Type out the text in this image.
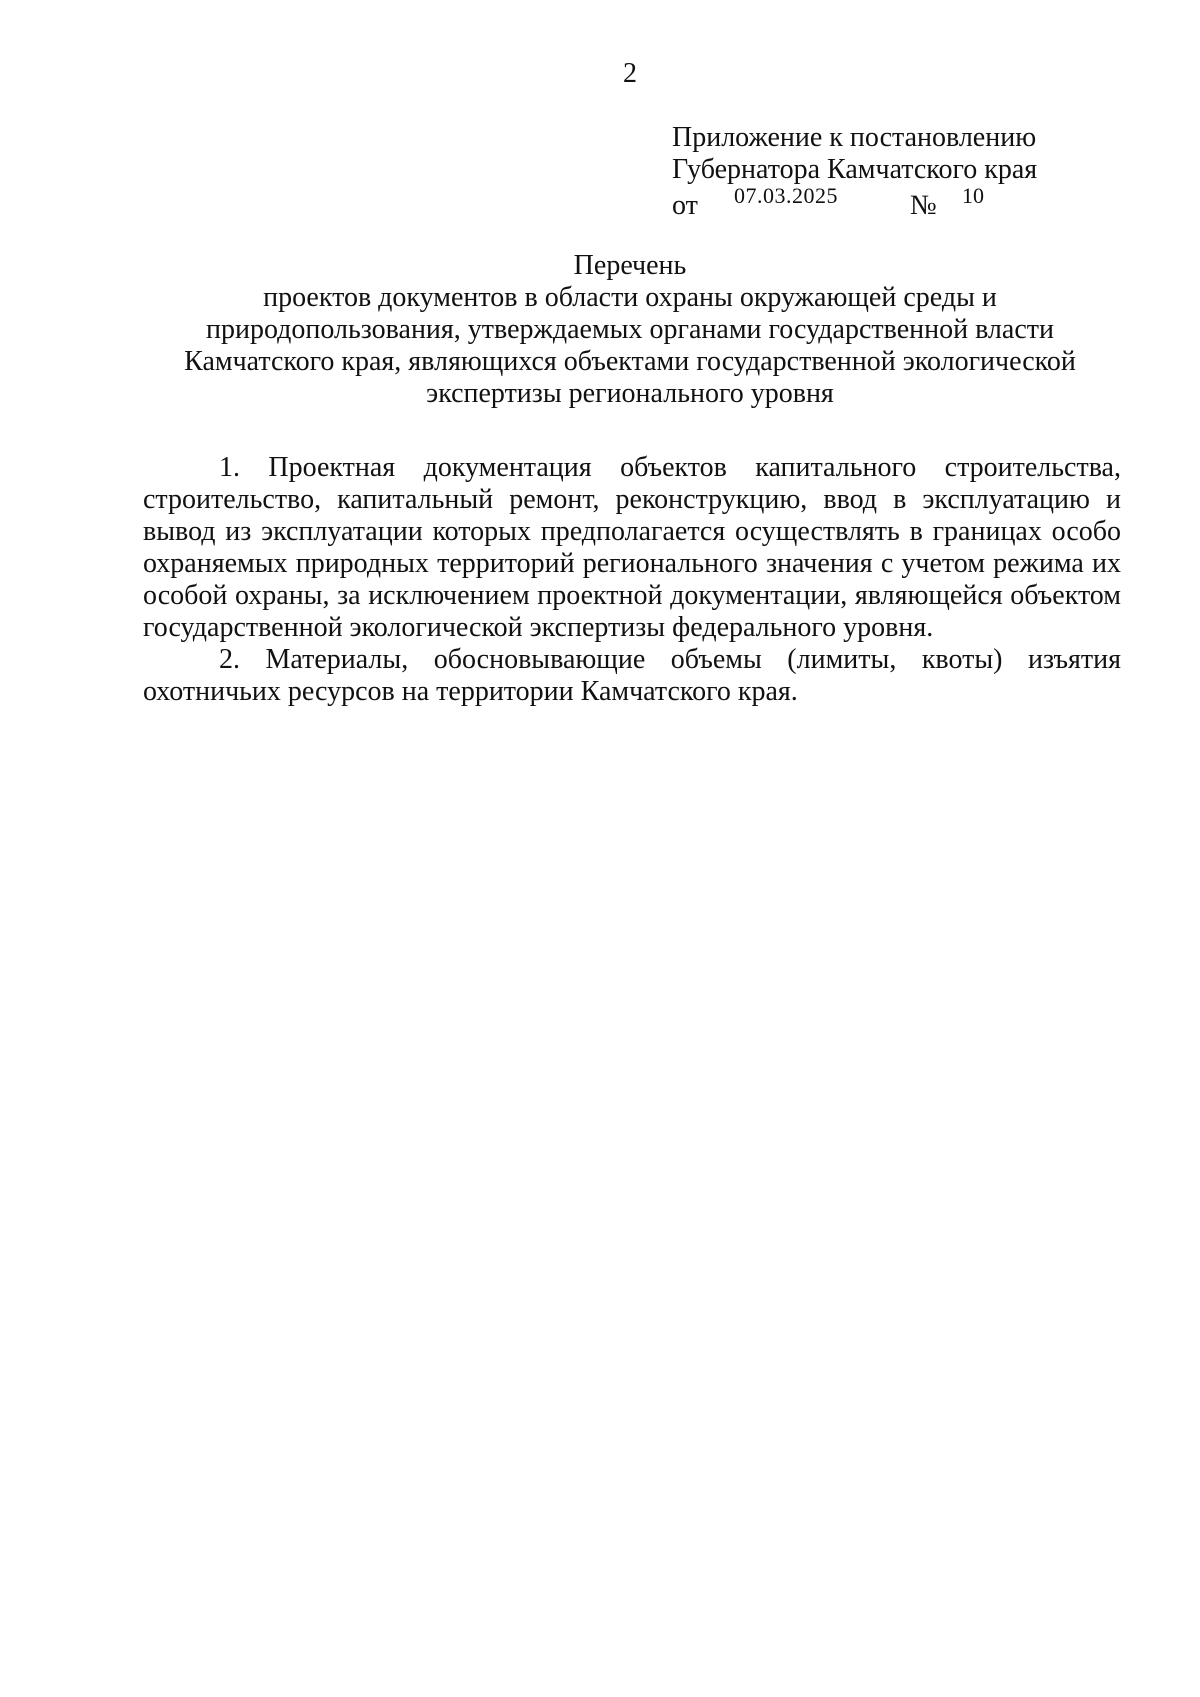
2
Приложение к постановлению
Губернатора Камчатского края
от 07.03.2025	№ 10
Перечень
проектов документов в области охраны окружающей среды и
природопользования, утверждаемых органами государственной власти
Камчатского края, являющихся объектами государственной экологической
экспертизы регионального уровня

1. Проектная документация объектов капитального строительства, строительство, капитальный ремонт, реконструкцию, ввод в эксплуатацию и вывод из эксплуатации которых предполагается осуществлять в границах особо охраняемых природных территорий регионального значения с учетом режима их особой охраны, за исключением проектной документации, являющейся объектом государственной экологической экспертизы федерального уровня.

2. Материалы, обосновывающие объемы (лимиты, квоты) изъятия охотничьих ресурсов на территории Камчатского края.
